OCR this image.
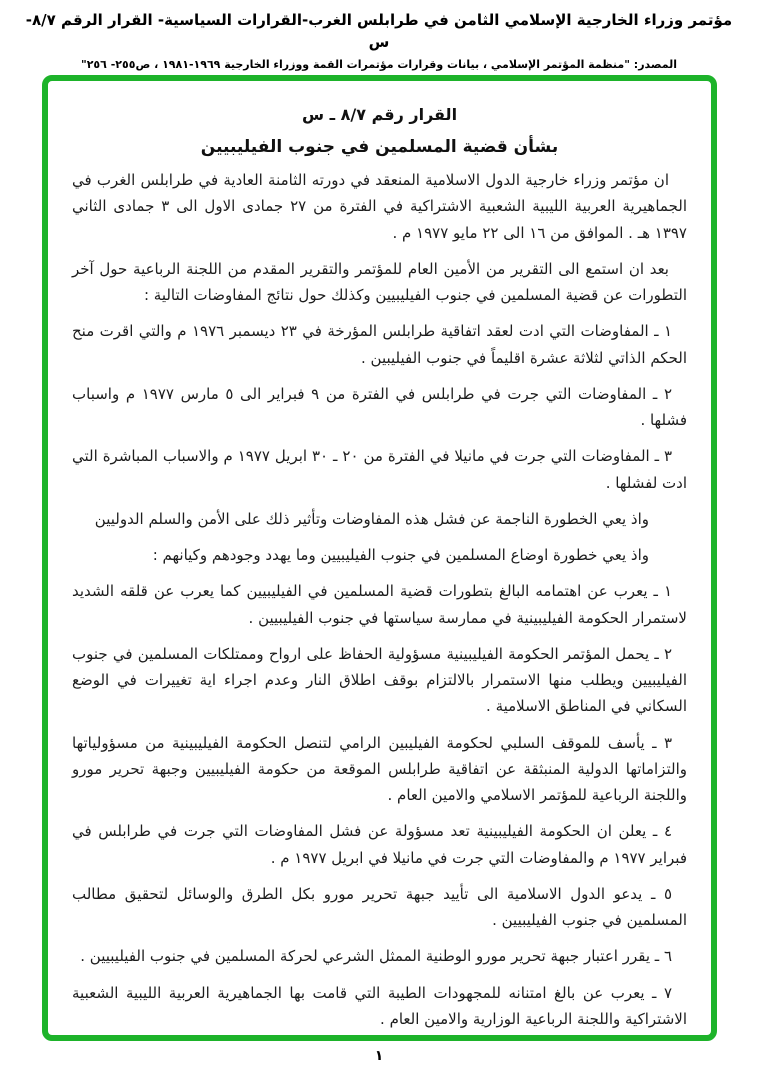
مؤتمر وزراء الخارجية الإسلامي الثامن في طرابلس الغرب-القرارات السياسية- القرار الرقم ٨/٧- س
المصدر: "منظمة المؤتمر الإسلامي ، بيانات وقرارات مؤتمرات القمة ووزراء الخارجية ١٩٦٩-١٩٨١ ، ص٢٥٥- ٢٥٦"
القرار رقم ٨/٧ ـ س
بشأن قضية المسلمين في جنوب الفيليبيين

ان مؤتمر وزراء خارجية الدول الاسلامية المنعقد في دورته الثامنة العادية في طرابلس الغرب في الجماهيرية العربية الليبية الشعبية الاشتراكية في الفترة من ٢٧ جمادى الاول الى ٣ جمادى الثاني ١٣٩٧ هـ . الموافق من ١٦ الى ٢٢ مايو ١٩٧٧ م .

بعد ان استمع الى التقرير من الأمين العام للمؤتمر والتقرير المقدم من اللجنة الرباعية حول آخر التطورات عن قضية المسلمين في جنوب الفيليبيين وكذلك حول نتائج المفاوضات التالية :

١ ـ المفاوضات التي ادت لعقد اتفاقية طرابلس المؤرخة في ٢٣ ديسمبر ١٩٧٦ م والتي اقرت منح الحكم الذاتي لثلاثة عشرة اقليماً في جنوب الفيليبين .

٢ ـ المفاوضات التي جرت في طرابلس في الفترة من ٩ فبراير الى ٥ مارس ١٩٧٧ م واسباب فشلها .

٣ ـ المفاوضات التي جرت في مانيلا في الفترة من ٢٠ ـ ٣٠ ابريل ١٩٧٧ م والاسباب المباشرة التي ادت لفشلها .

واذ يعي الخطورة الناجمة عن فشل هذه المفاوضات وتأثير ذلك على الأمن والسلم الدوليين

واذ يعي خطورة اوضاع المسلمين في جنوب الفيليبيين وما يهدد وجودهم وكيانهم :

١ ـ يعرب عن اهتمامه البالغ بتطورات قضية المسلمين في الفيليبيين كما يعرب عن قلقه الشديد لاستمرار الحكومة الفيليبينية في ممارسة سياستها في جنوب الفيليبيين .

٢ ـ يحمل المؤتمر الحكومة الفيليبينية مسؤولية الحفاظ على ارواح وممتلكات المسلمين في جنوب الفيليبيين ويطلب منها الاستمرار بالالتزام بوقف اطلاق النار وعدم اجراء اية تغييرات في الوضع السكاني في المناطق الاسلامية .

٣ ـ يأسف للموقف السلبي لحكومة الفيليبين الرامي لتنصل الحكومة الفيليبينية من مسؤولياتها والتزاماتها الدولية المنبثقة عن اتفاقية طرابلس الموقعة من حكومة الفيليبيين وجبهة تحرير مورو واللجنة الرباعية للمؤتمر الاسلامي والامين العام .

٤ ـ يعلن ان الحكومة الفيليبينية تعد مسؤولة عن فشل المفاوضات التي جرت في طرابلس في فبراير ١٩٧٧ م والمفاوضات التي جرت في مانيلا في ابريل ١٩٧٧ م .

٥ ـ يدعو الدول الاسلامية الى تأييد جبهة تحرير مورو بكل الطرق والوسائل لتحقيق مطالب المسلمين في جنوب الفيليبيين .

٦ ـ يقرر اعتبار جبهة تحرير مورو الوطنية الممثل الشرعي لحركة المسلمين في جنوب الفيليبيين .

٧ ـ يعرب عن بالغ امتنانه للمجهودات الطيبة التي قامت بها الجماهيرية العربية الليبية الشعبية الاشتراكية واللجنة الرباعية الوزارية والامين العام .

١
